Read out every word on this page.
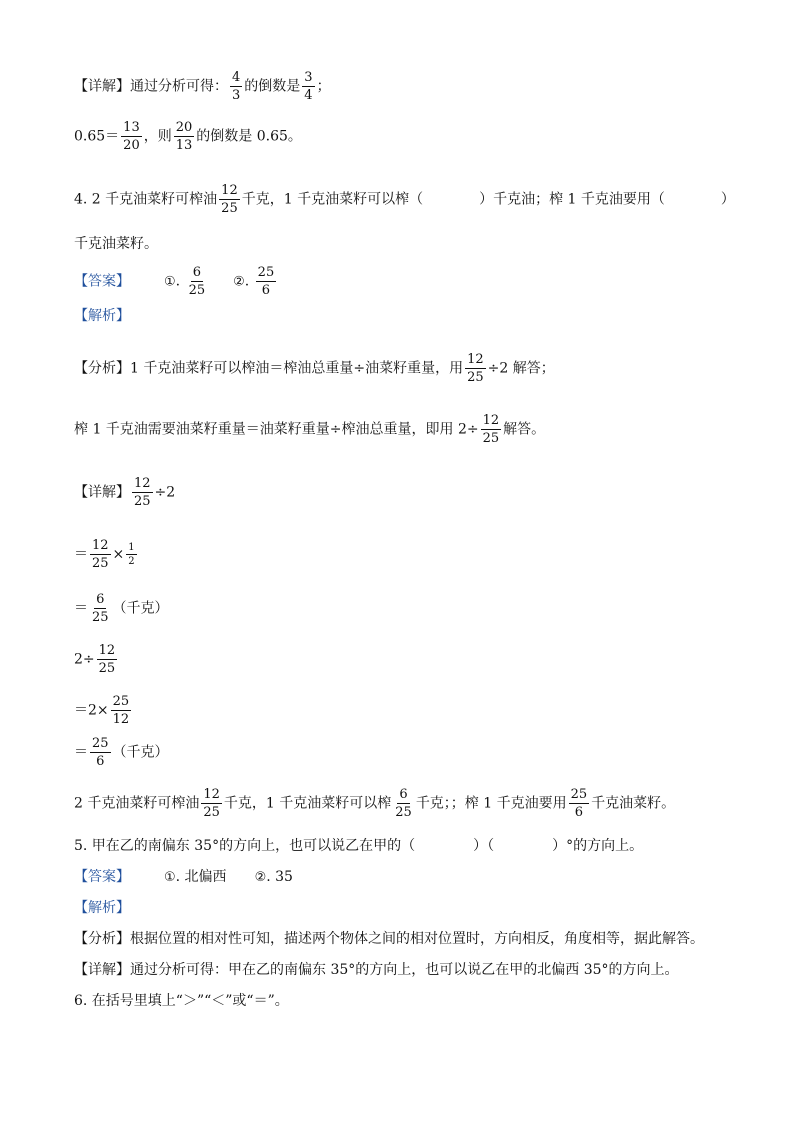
【详解】通过分析可得： $\frac{4}{3}$ 的倒数是 $\frac{3}{4}$ ；
$0.65= \frac{13}{20}$ ，则 $\frac{20}{13}$ 的倒数是 0.65。
4. 2 千克油菜籽可榨油 $\frac{12}{25}$ 千克，1 千克油菜籽可以榨（	）千克油；榨 1 千克油要用（	）
千克油菜籽。
【答案】	①. $\frac{6}{25}$ ②. $\frac{25}{6}$
【解析】
【分析】1 千克油菜籽可以榨油＝榨油总重量÷油菜籽重量，用 $\frac{12}{25} \div 2$ 解答；
榨 1 千克油需要油菜籽重量＝油菜籽重量÷榨油总重量，即用 $2\div \frac{12}{25}$ 解答。
【详解】 $\frac{12}{25} \div 2$
＝ $\frac{12}{25} \times \frac{1}{2}$
＝ $\frac{6}{25}$ （千克）
$2\div \frac{12}{25}$
$=2\times \frac{25}{12}$
＝ $\frac{25}{6}$ （千克）
2 千克油菜籽可榨油 $\frac{12}{25}$ 千克，1 千克油菜籽可以榨 $\frac{6}{25}$ 千克；；榨 1 千克油要用 $\frac{25}{6}$ 千克油菜籽。
5. 甲在乙的南偏东 35°的方向上，也可以说乙在甲的（	）（	）°的方向上。
【答案】	①. 北偏西 ②. 35
【解析】
【分析】根据位置的相对性可知，描述两个物体之间的相对位置时，方向相反，角度相等，据此解答。
【详解】通过分析可得：甲在乙的南偏东 35°的方向上，也可以说乙在甲的北偏西 35°的方向上。
6. 在括号里填上“＞”“＜”或“＝”。
